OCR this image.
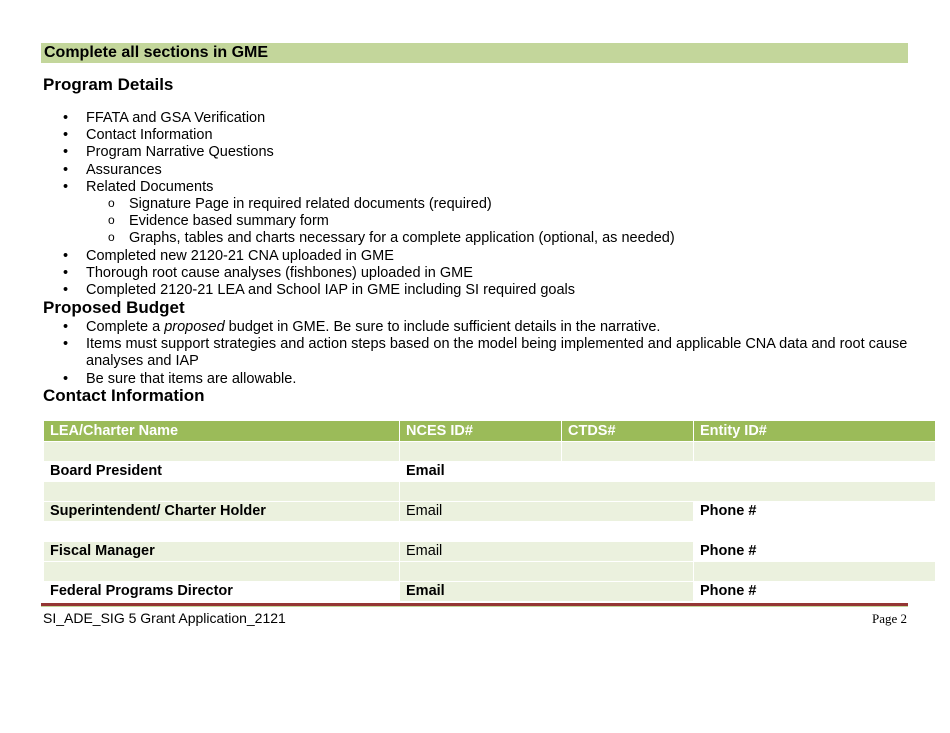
Complete all sections in GME
Program Details
• FFATA and GSA Verification
• Contact Information
• Program Narrative Questions
• Assurances
• Related Documents
o Signature Page in required related documents (required)
o Evidence based summary form
o Graphs, tables and charts necessary for a complete application (optional, as needed)
• Completed new 2120-21 CNA uploaded in GME
• Thorough root cause analyses (fishbones) uploaded in GME
• Completed 2120-21 LEA and School IAP in GME including SI required goals
Proposed Budget
• Complete a proposed budget in GME. Be sure to include sufficient details in the narrative.
• Items must support strategies and action steps based on the model being implemented and applicable CNA data and root cause analyses and IAP
• Be sure that items are allowable.
Contact Information
LEA/Charter Name	NCES ID#	CTDS#	Entity ID#

Board President	Email		

Superintendent/ Charter Holder	Email		Phone #

Fiscal Manager	Email		Phone #

Federal Programs Director	Email		Phone #
SI_ADE_SIG 5 Grant Application_2121	Page 2
